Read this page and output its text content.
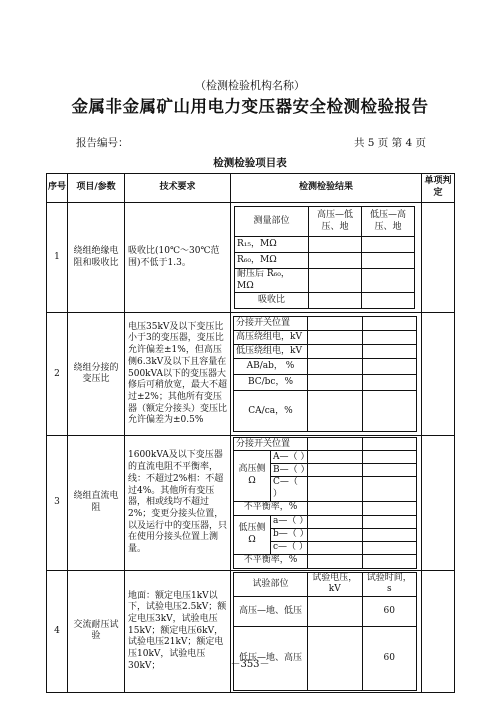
（检测检验机构名称）
金属非金属矿山用电力变压器安全检测检验报告
报告编号：	共 5 页 第 4 页
检测检验项目表
序号	项目/参数	技术要求	检测检验结果	单项判定
1	绕组绝缘电阻和吸收比	吸收比(10℃～30℃范围)不低于1.3。	
测量部位	高压—低压、地	低压—高压、地
R₁₅，MΩ		
R₆₀，MΩ		
耐压后 R₆₀，MΩ		
吸收比		

2	绕组分接的变压比	电压35kV及以下变压比小于3的变压器，变压比允许偏差±1%，但高压侧6.3kV及以下且容量在500kVA以下的变压器大修后可稍放宽，最大不超过±2%；其他所有变压器（额定分接头）变压比允许偏差为±0.5%	
分接开关位置		
高压绕组电，kV		
低压绕组电，kV		
AB/ab， %		
BC/bc，%		
CA/ca，%		

3	绕组直流电阻	1600kVA及以下变压器的直流电阻不平衡率，线：不超过2%相：不超过4%。其他所有变压器，相或线均不超过2%；变更分接头位置，以及运行中的变压器，只在使用分接头位置上测量。	
分接开关位置		
高压侧 Ω	A—（ ）		
B—（ ）		
C—（ ）		
不平衡率，%		
低压侧 Ω	a—（ ）		
b—（ ）		
c—（ ）		
不平衡率，%		

4	交流耐压试验	地面：额定电压1kV以下，试验电压2.5kV；额定电压3kV，试验电压15kV；额定电压6kV，试验电压21kV；额定电压10kV，试验电压30kV；	
试验部位	试验电压，kV	试验时间，s
高压—地、低压		60
低压—地、高压		60

－353－
